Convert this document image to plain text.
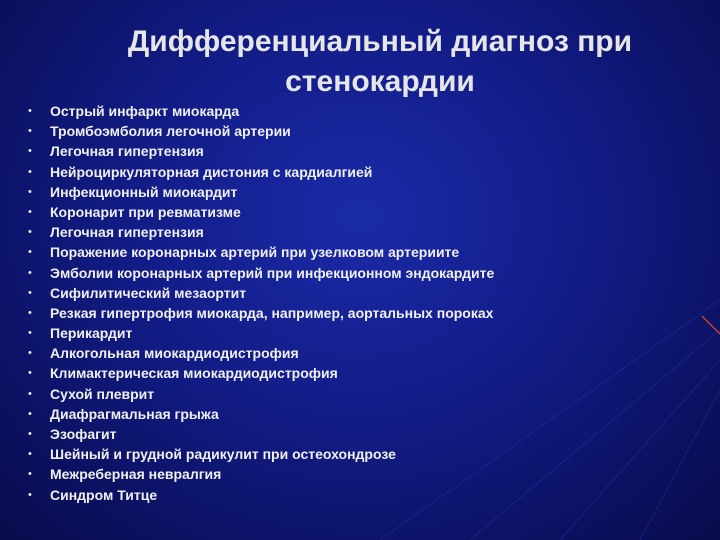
Дифференциальный диагноз при
стенокардии
•	Острый инфаркт миокарда
•	Тромбоэмболия легочной артерии
•	Легочная гипертензия
•	Нейроциркуляторная дистония с кардиалгией
•	Инфекционный миокардит
•	Коронарит при ревматизме
•	Легочная гипертензия
•	Поражение коронарных артерий при узелковом артериите
•	Эмболии коронарных артерий при инфекционном эндокардите
•	Сифилитический мезаортит
•	Резкая гипертрофия миокарда, например, аортальных пороках
•	Перикардит
•	Алкогольная миокардиодистрофия
•	Климактерическая миокардиодистрофия
•	Сухой плеврит
•	Диафрагмальная грыжа
•	Эзофагит
•	Шейный и грудной радикулит при остеохондрозе
•	Межреберная невралгия
•	Синдром Титце
